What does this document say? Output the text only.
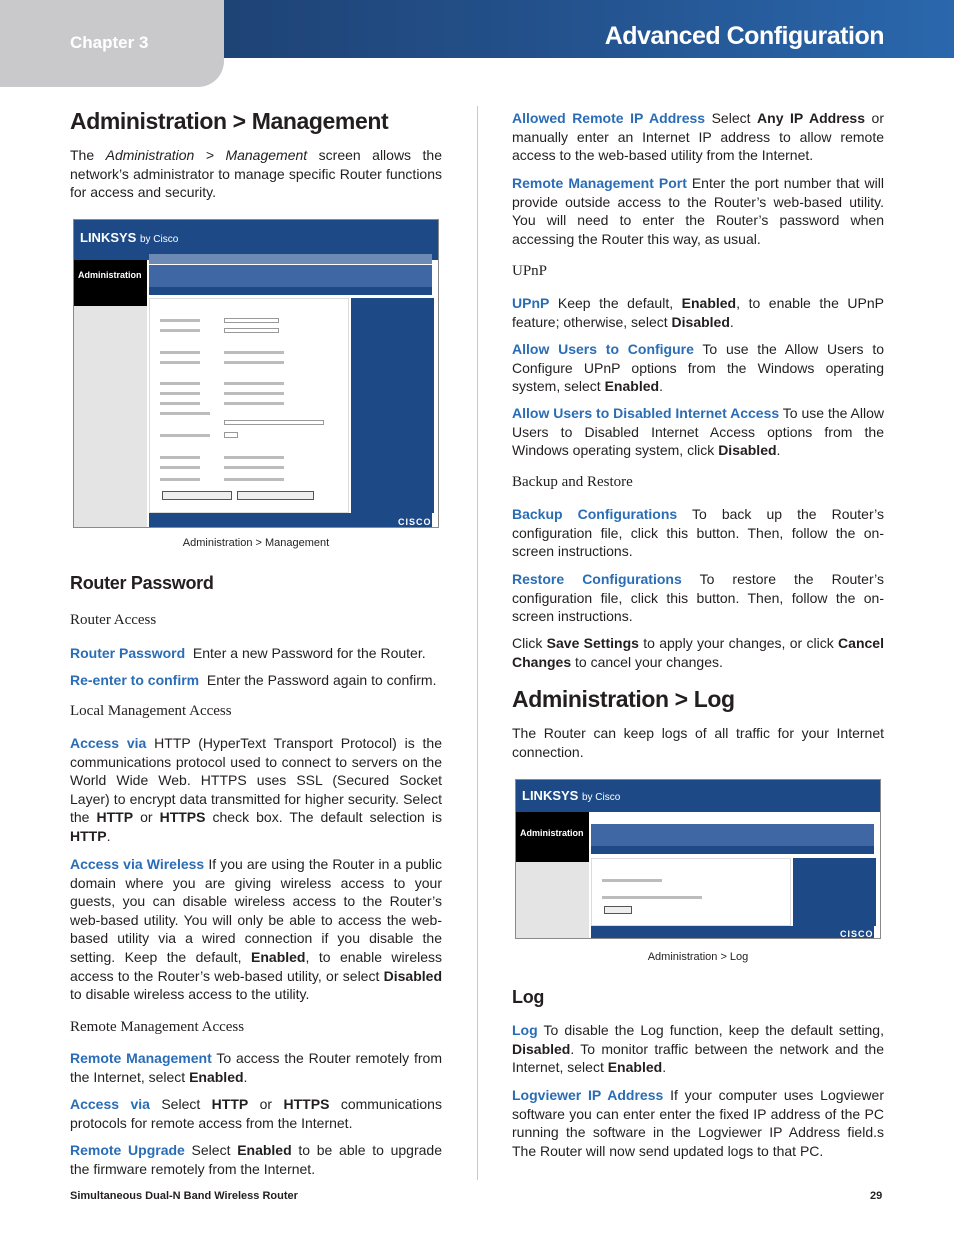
Chapter 3	Advanced Configuration
Administration > Management

The Administration > Management screen allows the network’s administrator to manage specific Router functions for access and security.

LINKSYS by Cisco
Administration
CISCO
Administration > Management
Router Password
Router Access

Router Password Enter a new Password for the Router.

Re-enter to confirm Enter the Password again to confirm.

Local Management Access

Access via HTTP (HyperText Transport Protocol) is the communications protocol used to connect to servers on the World Wide Web. HTTPS uses SSL (Secured Socket Layer) to encrypt data transmitted for higher security. Select the HTTP or HTTPS check box. The default selection is HTTP.

Access via Wireless If you are using the Router in a public domain where you are giving wireless access to your guests, you can disable wireless access to the Router’s web-based utility. You will only be able to access the web-based utility via a wired connection if you disable the setting. Keep the default, Enabled, to enable wireless access to the Router’s web-based utility, or select Disabled to disable wireless access to the utility.

Remote Management Access

Remote Management To access the Router remotely from the Internet, select Enabled.

Access via Select HTTP or HTTPS communications protocols for remote access from the Internet.

Remote Upgrade Select Enabled to be able to upgrade the firmware remotely from the Internet.

Allowed Remote IP Address Select Any IP Address or manually enter an Internet IP address to allow remote access to the web-based utility from the Internet.

Remote Management Port Enter the port number that will provide outside access to the Router’s web-based utility. You will need to enter the Router’s password when accessing the Router this way, as usual.

UPnP

UPnP Keep the default, Enabled, to enable the UPnP feature; otherwise, select Disabled.

Allow Users to Configure To use the Allow Users to Configure UPnP options from the Windows operating system, select Enabled.

Allow Users to Disabled Internet Access To use the Allow Users to Disabled Internet Access options from the Windows operating system, click Disabled.

Backup and Restore

Backup Configurations To back up the Router’s configuration file, click this button. Then, follow the on-screen instructions.

Restore Configurations To restore the Router’s configuration file, click this button. Then, follow the on-screen instructions.

Click Save Settings to apply your changes, or click Cancel Changes to cancel your changes.

Administration > Log

The Router can keep logs of all traffic for your Internet connection.

LINKSYS by Cisco
Administration
CISCO
Administration > Log
Log

Log To disable the Log function, keep the default setting, Disabled. To monitor traffic between the network and the Internet, select Enabled.

Logviewer IP Address If your computer uses Logviewer software you can enter enter the fixed IP address of the PC running the software in the Logviewer IP Address field.s The Router will now send updated logs to that PC.

Simultaneous Dual-N Band Wireless Router	29
